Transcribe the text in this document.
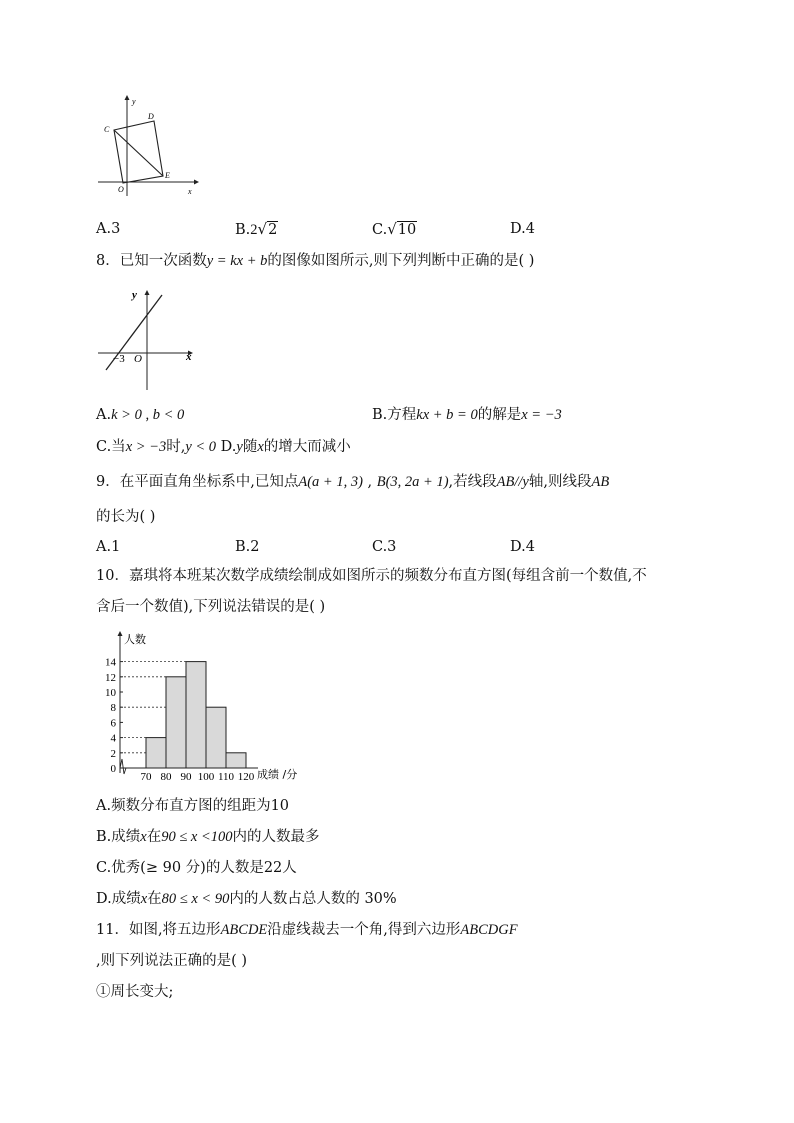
y
x
C
D
O
E
A.3	B.2√2	C.√10	D.4
8．已知一次函数y = kx + b的图像如图所示,则下列判断中正确的是( )
y
x
−3 O
A.k > 0 , b < 0	B.方程kx + b = 0的解是x = −3
C.当x > −3时,y < 0 D.y随x的增大而减小
9．在平面直角坐标系中,已知点A(a + 1, 3) , B(3, 2a + 1),若线段AB//y轴,则线段AB
的长为( )
A.1	B.2	C.3	D.4
10．嘉琪将本班某次数学成绩绘制成如图所示的频数分布直方图(每组含前一个数值,不
含后一个数值),下列说法错误的是( )
人数
成绩 /分
0
2
4
6
8
10
12
14
70 80 90 100 110 120
A.频数分布直方图的组距为10
B.成绩x在90 ≤ x <100内的人数最多
C.优秀(≥ 90 分)的人数是22人
D.成绩x在80 ≤ x < 90内的人数占总人数的 30%
11．如图,将五边形ABCDE沿虚线裁去一个角,得到六边形ABCDGF
,则下列说法正确的是( )
①周长变大;
